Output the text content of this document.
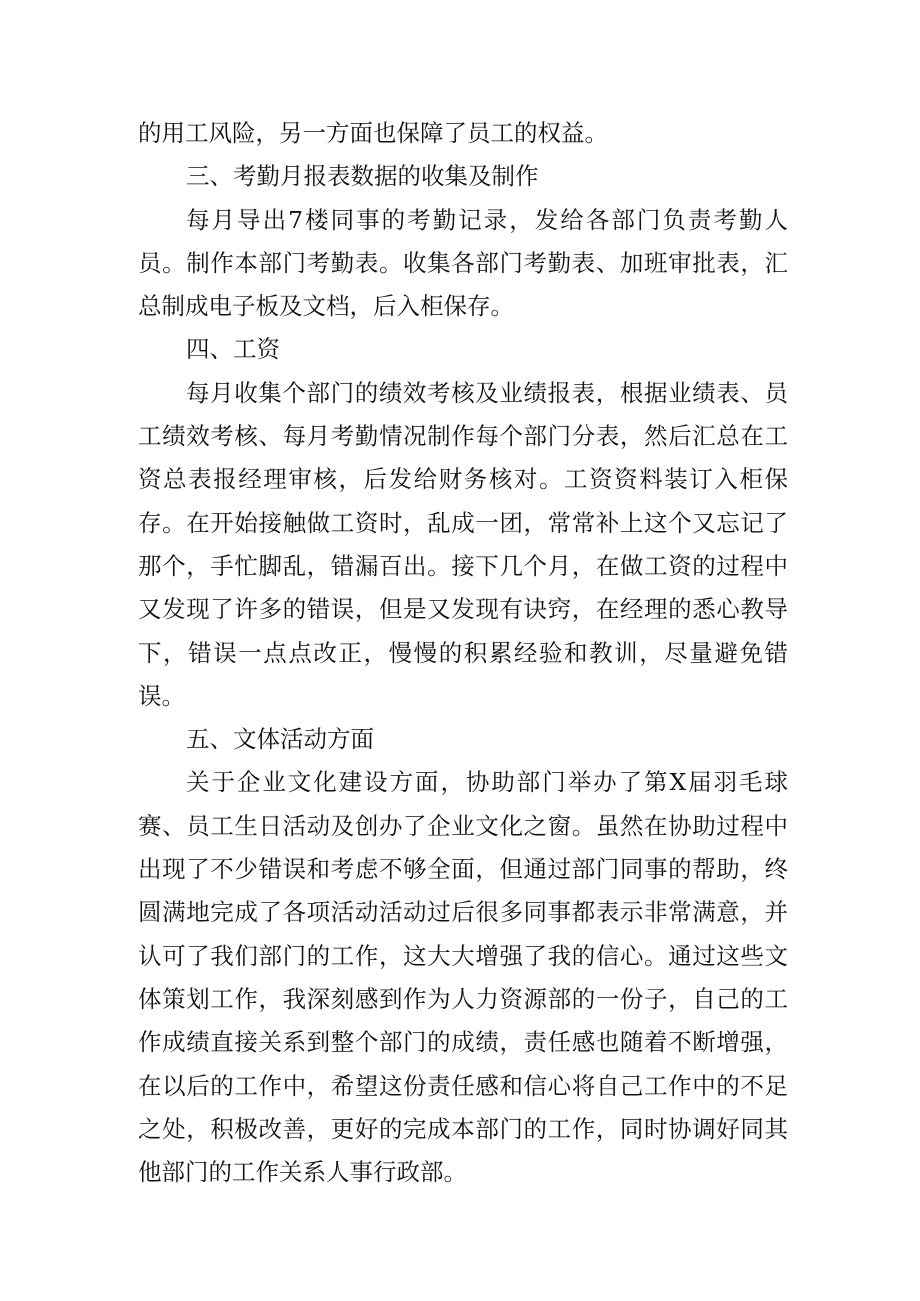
的用工风险，另一方面也保障了员工的权益。

三、考勤月报表数据的收集及制作

每月导出7楼同事的考勤记录，发给各部门负责考勤人员。制作本部门考勤表。收集各部门考勤表、加班审批表，汇总制成电子板及文档，后入柜保存。

四、工资

每月收集个部门的绩效考核及业绩报表，根据业绩表、员工绩效考核、每月考勤情况制作每个部门分表，然后汇总在工资总表报经理审核，后发给财务核对。工资资料装订入柜保存。在开始接触做工资时，乱成一团，常常补上这个又忘记了那个，手忙脚乱，错漏百出。接下几个月，在做工资的过程中又发现了许多的错误，但是又发现有诀窍，在经理的悉心教导下，错误一点点改正，慢慢的积累经验和教训，尽量避免错误。

五、文体活动方面

关于企业文化建设方面，协助部门举办了第X届羽毛球赛、员工生日活动及创办了企业文化之窗。虽然在协助过程中出现了不少错误和考虑不够全面，但通过部门同事的帮助，终圆满地完成了各项活动活动过后很多同事都表示非常满意，并认可了我们部门的工作，这大大增强了我的信心。通过这些文体策划工作，我深刻感到作为人力资源部的一份子，自己的工作成绩直接关系到整个部门的成绩，责任感也随着不断增强，在以后的工作中，希望这份责任感和信心将自己工作中的不足之处，积极改善，更好的完成本部门的工作，同时协调好同其他部门的工作关系人事行政部。
